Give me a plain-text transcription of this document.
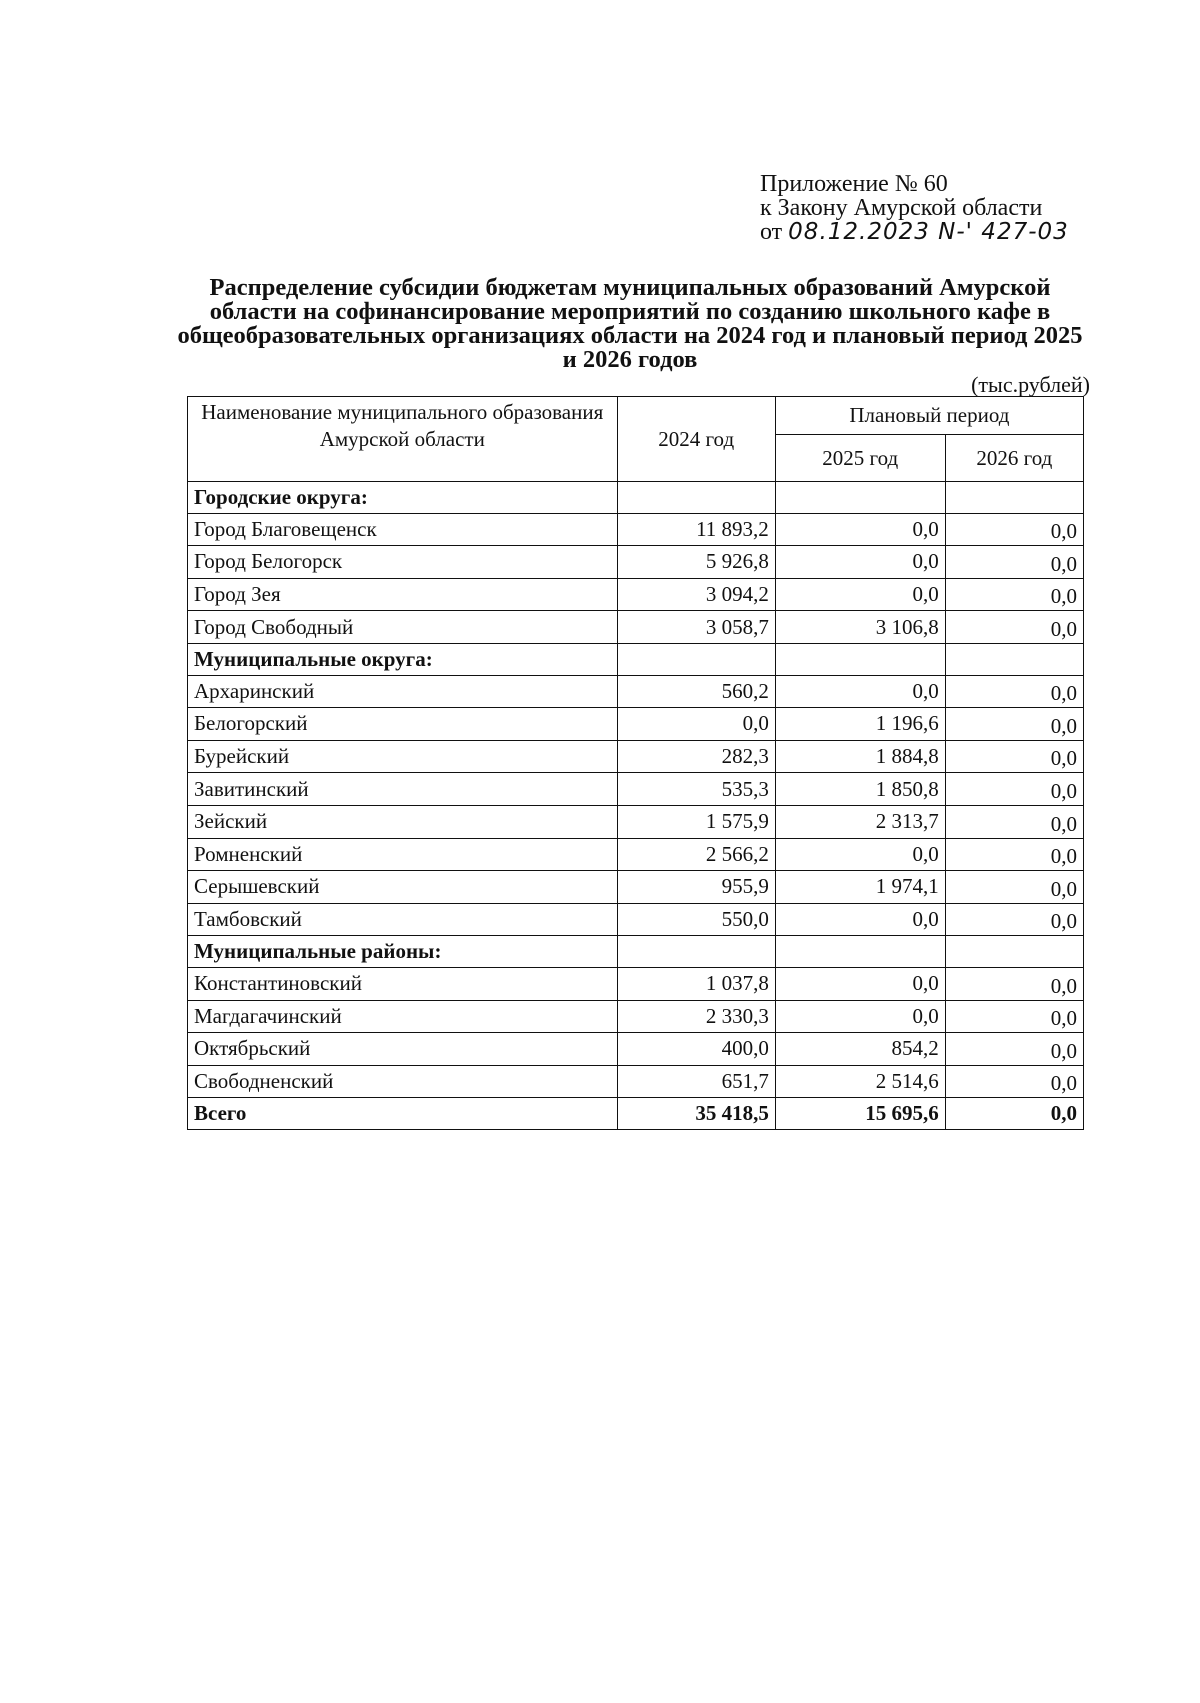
Приложение № 60
к Закону Амурской области
от 08.12.2023 N-' 427-03
Распределение субсидии бюджетам муниципальных образований Амурской области на софинансирование мероприятий по созданию школьного кафе в общеобразовательных организациях области на 2024 год и плановый период 2025 и 2026 годов
(тыс.рублей)
Наименование муниципального образования Амурской области	2024 год	Плановый период	
		2025 год	2026 год
Городские округа:			
Город Благовещенск	11 893,2	0,0	0,0
Город Белогорск	5 926,8	0,0	0,0
Город Зея	3 094,2	0,0	0,0
Город Свободный	3 058,7	3 106,8	0,0
Муниципальные округа:			
Архаринский	560,2	0,0	0,0
Белогорский	0,0	1 196,6	0,0
Бурейский	282,3	1 884,8	0,0
Завитинский	535,3	1 850,8	0,0
Зейский	1 575,9	2 313,7	0,0
Ромненский	2 566,2	0,0	0,0
Серышевский	955,9	1 974,1	0,0
Тамбовский	550,0	0,0	0,0
Муниципальные районы:			
Константиновский	1 037,8	0,0	0,0
Магдагачинский	2 330,3	0,0	0,0
Октябрьский	400,0	854,2	0,0
Свободненский	651,7	2 514,6	0,0
Всего	35 418,5	15 695,6	0,0
